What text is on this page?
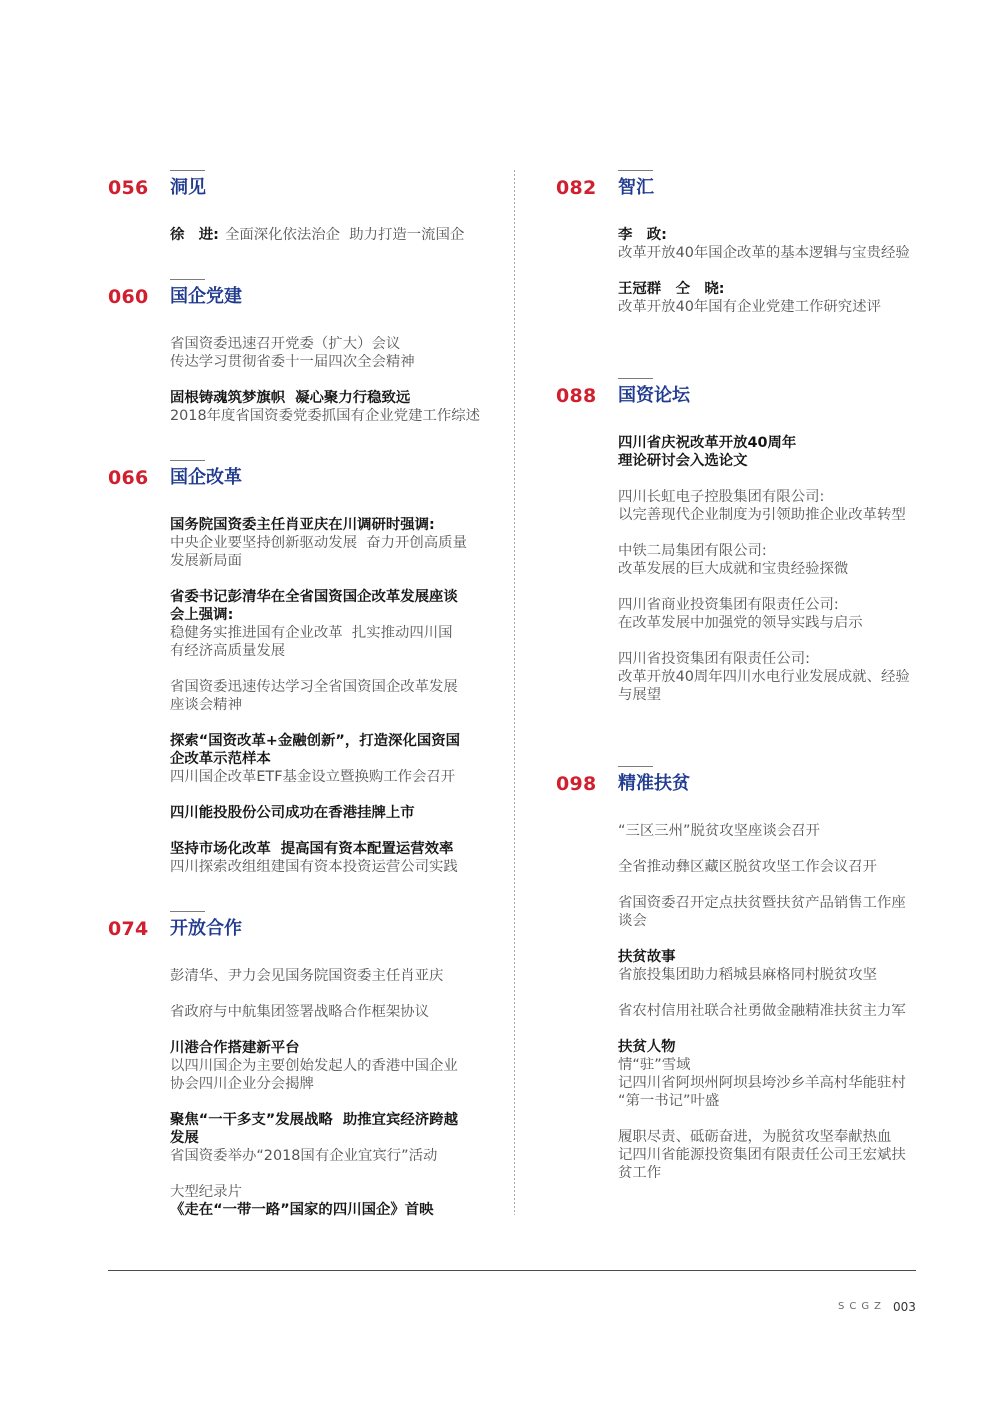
056 洞见
徐　进: 全面深化依法治企  助力打造一流国企
060 国企党建
省国资委迅速召开党委（扩大）会议
传达学习贯彻省委十一届四次全会精神
固根铸魂筑梦旗帜  凝心聚力行稳致远
2018年度省国资委党委抓国有企业党建工作综述
066 国企改革
国务院国资委主任肖亚庆在川调研时强调:
中央企业要坚持创新驱动发展  奋力开创高质量
发展新局面
省委书记彭清华在全省国资国企改革发展座谈
会上强调:
稳健务实推进国有企业改革  扎实推动四川国
有经济高质量发展
省国资委迅速传达学习全省国资国企改革发展
座谈会精神
探索“国资改革+金融创新”，打造深化国资国
企改革示范样本
四川国企改革ETF基金设立暨换购工作会召开
四川能投股份公司成功在香港挂牌上市
坚持市场化改革  提高国有资本配置运营效率
四川探索改组组建国有资本投资运营公司实践
074 开放合作
彭清华、尹力会见国务院国资委主任肖亚庆
省政府与中航集团签署战略合作框架协议
川港合作搭建新平台
以四川国企为主要创始发起人的香港中国企业
协会四川企业分会揭牌
聚焦“一干多支”发展战略  助推宜宾经济跨越
发展
省国资委举办“2018国有企业宜宾行”活动
大型纪录片
《走在“一带一路”国家的四川国企》首映
082 智汇
李　政:
改革开放40年国企改革的基本逻辑与宝贵经验
王冠群　仝　晓:
改革开放40年国有企业党建工作研究述评
088 国资论坛
四川省庆祝改革开放40周年
理论研讨会入选论文
四川长虹电子控股集团有限公司:
以完善现代企业制度为引领助推企业改革转型
中铁二局集团有限公司:
改革发展的巨大成就和宝贵经验探微
四川省商业投资集团有限责任公司:
在改革发展中加强党的领导实践与启示
四川省投资集团有限责任公司:
改革开放40周年四川水电行业发展成就、经验
与展望
098 精准扶贫
“三区三州”脱贫攻坚座谈会召开
全省推动彝区藏区脱贫攻坚工作会议召开
省国资委召开定点扶贫暨扶贫产品销售工作座
谈会
扶贫故事
省旅投集团助力稻城县麻格同村脱贫攻坚
省农村信用社联合社勇做金融精准扶贫主力军
扶贫人物
情“驻”雪域
记四川省阿坝州阿坝县垮沙乡羊高村华能驻村
“第一书记”叶盛
履职尽责、砥砺奋进，为脱贫攻坚奉献热血
记四川省能源投资集团有限责任公司王宏斌扶
贫工作
SCGZ 003
